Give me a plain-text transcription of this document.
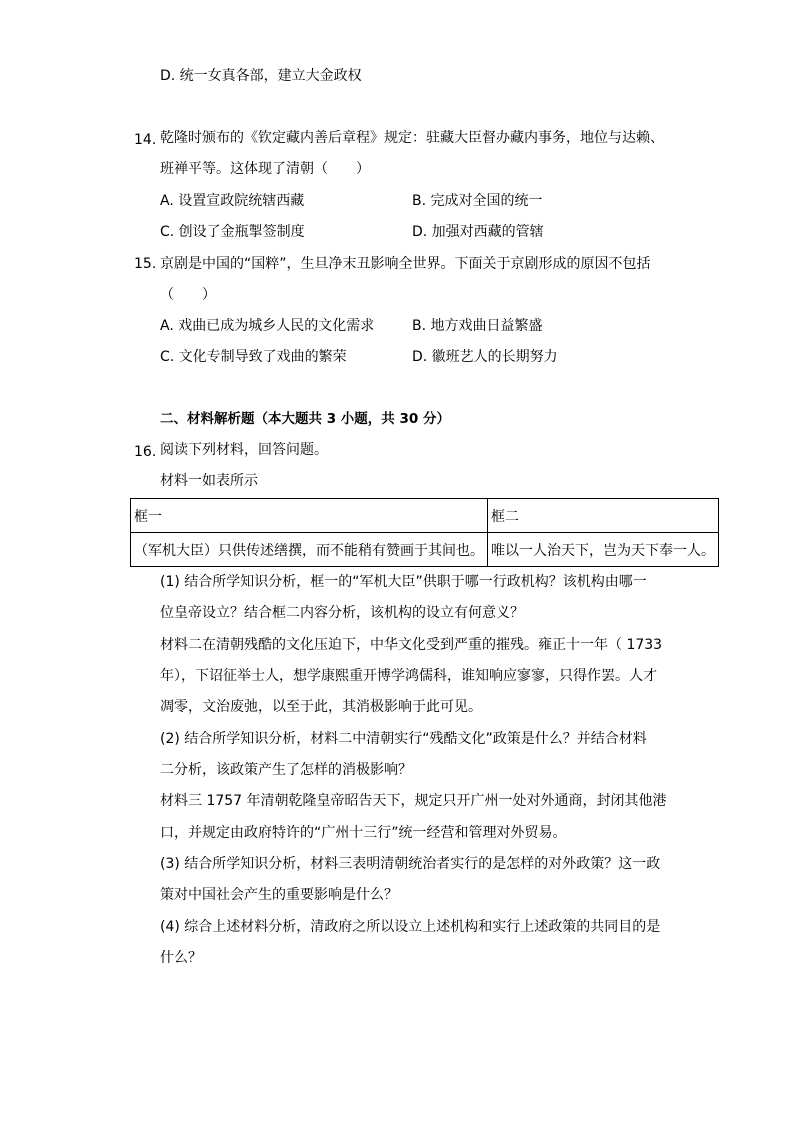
D. 统一女真各部，建立大金政权
14. 乾隆时颁布的《钦定藏内善后章程》规定：驻藏大臣督办藏内事务，地位与达赖、
班禅平等。这体现了清朝（　　）
A. 设置宣政院统辖西藏	B. 完成对全国的统一
C. 创设了金瓶掣签制度	D. 加强对西藏的管辖
15. 京剧是中国的“国粹”，生旦净末丑影响全世界。下面关于京剧形成的原因不包括
（　　）
A. 戏曲已成为城乡人民的文化需求	B. 地方戏曲日益繁盛
C. 文化专制导致了戏曲的繁荣	D. 徽班艺人的长期努力
二、材料解析题（本大题共 3 小题，共 30 分）
16. 阅读下列材料，回答问题。
材料一如表所示
框一	框二
（军机大臣）只供传述缮撰，而不能稍有赞画于其间也。	唯以一人治天下，岂为天下奉一人。
(1) 结合所学知识分析，框一的“军机大臣”供职于哪一行政机构？该机构由哪一
位皇帝设立？结合框二内容分析，该机构的设立有何意义？
材料二在清朝残酷的文化压迫下，中华文化受到严重的摧残。雍正十一年（ 1733
年），下诏征举士人，想学康熙重开博学鸿儒科，谁知响应寥寥，只得作罢。人才
凋零，文治废弛，以至于此，其消极影响于此可见。
(2) 结合所学知识分析，材料二中清朝实行“残酷文化”政策是什么？并结合材料
二分析，该政策产生了怎样的消极影响？
材料三 1757 年清朝乾隆皇帝昭告天下，规定只开广州一处对外通商，封闭其他港
口，并规定由政府特许的“广州十三行”统一经营和管理对外贸易。
(3) 结合所学知识分析，材料三表明清朝统治者实行的是怎样的对外政策？这一政
策对中国社会产生的重要影响是什么？
(4) 综合上述材料分析，清政府之所以设立上述机构和实行上述政策的共同目的是
什么？
